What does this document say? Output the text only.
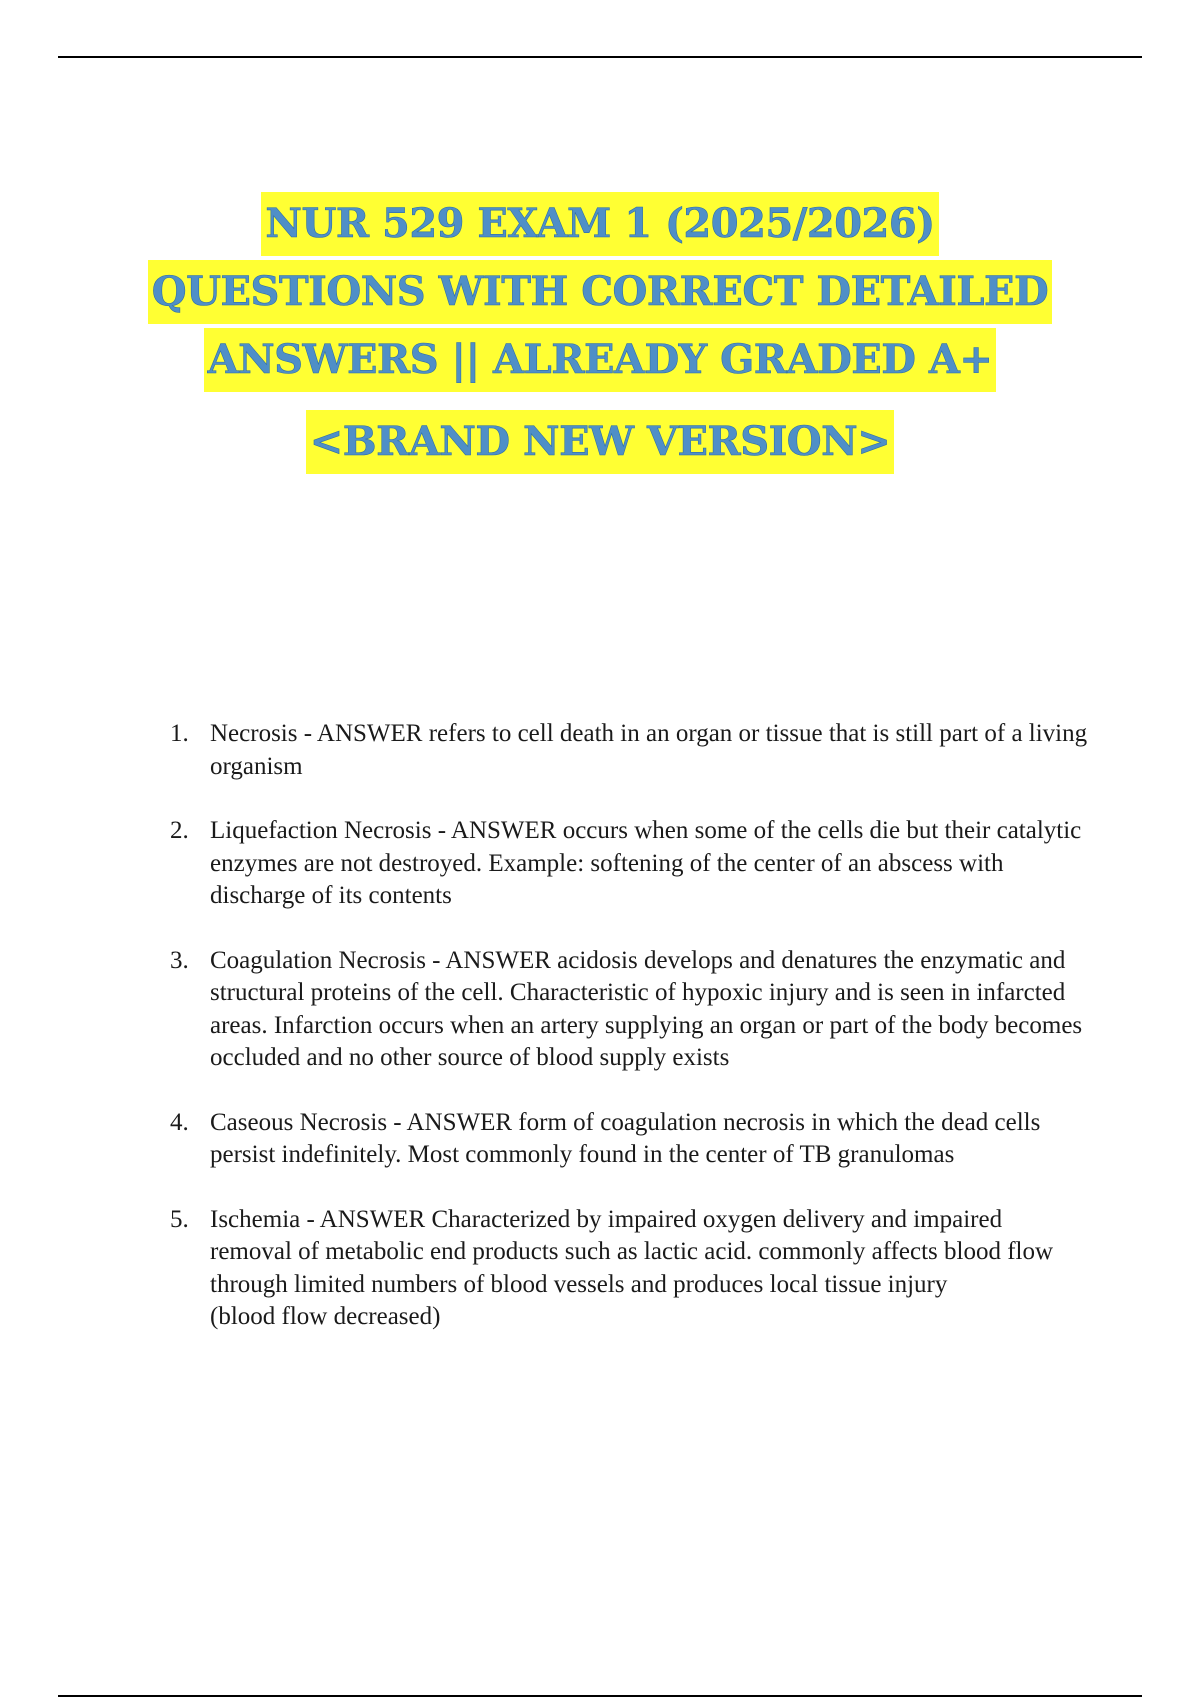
NUR 529 EXAM 1 (2025/2026)
QUESTIONS WITH CORRECT DETAILED
ANSWERS || ALREADY GRADED A+
<BRAND NEW VERSION>
1. Necrosis - ANSWER refers to cell death in an organ or tissue that is still part of a living organism
2. Liquefaction Necrosis - ANSWER occurs when some of the cells die but their catalytic enzymes are not destroyed. Example: softening of the center of an abscess with discharge of its contents
3. Coagulation Necrosis - ANSWER acidosis develops and denatures the enzymatic and structural proteins of the cell. Characteristic of hypoxic injury and is seen in infarcted areas. Infarction occurs when an artery supplying an organ or part of the body becomes occluded and no other source of blood supply exists
4. Caseous Necrosis - ANSWER form of coagulation necrosis in which the dead cells persist indefinitely. Most commonly found in the center of TB granulomas
5. Ischemia - ANSWER Characterized by impaired oxygen delivery and impaired removal of metabolic end products such as lactic acid. commonly affects blood flow through limited numbers of blood vessels and produces local tissue injury
(blood flow decreased)
